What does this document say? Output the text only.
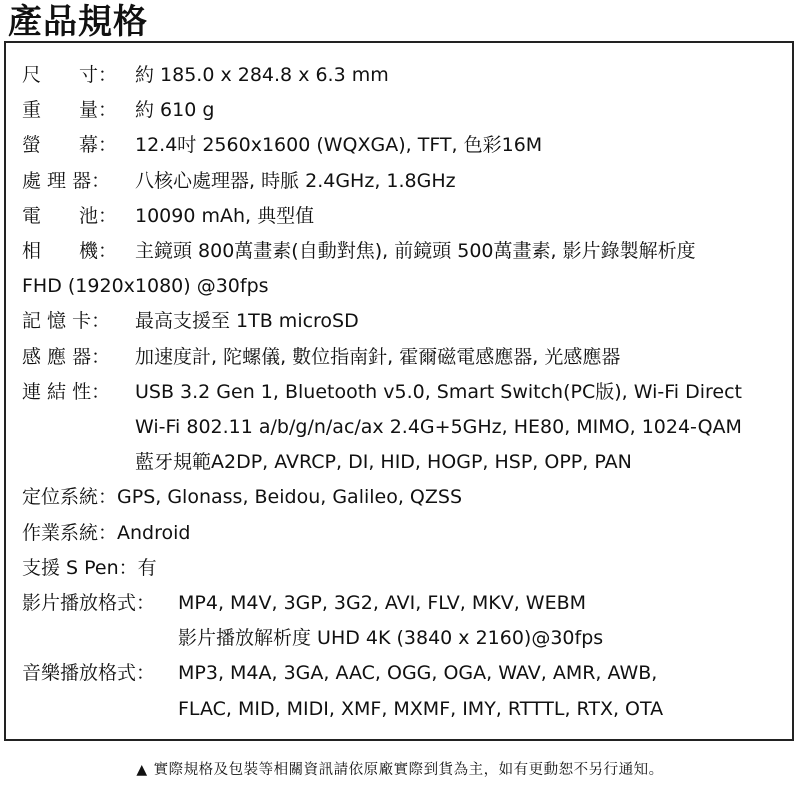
產品規格
尺　　寸： 約 185.0 x 284.8 x 6.3 mm
重　　量： 約 610 g
螢　　幕： 12.4吋 2560x1600 (WQXGA), TFT, 色彩16M
處 理 器：	八核心處理器, 時脈 2.4GHz, 1.8GHz
電　　池： 10090 mAh, 典型值
相　　機： 主鏡頭 800萬畫素(自動對焦), 前鏡頭 500萬畫素, 影片錄製解析度
FHD (1920x1080) @30fps
記 憶 卡：	最高支援至 1TB microSD
感 應 器：	加速度計, 陀螺儀, 數位指南針, 霍爾磁電感應器, 光感應器
連 結 性：	USB 3.2 Gen 1, Bluetooth v5.0, Smart Switch(PC版), Wi-Fi Direct
Wi-Fi 802.11 a/b/g/n/ac/ax 2.4G+5GHz, HE80, MIMO, 1024-QAM
藍牙規範A2DP, AVRCP, DI, HID, HOGP, HSP, OPP, PAN
定位系統： GPS, Glonass, Beidou, Galileo, QZSS
作業系統： Android
支援 S Pen： 有
影片播放格式：	MP4, M4V, 3GP, 3G2, AVI, FLV, MKV, WEBM
影片播放解析度 UHD 4K (3840 x 2160)@30fps
音樂播放格式：	MP3, M4A, 3GA, AAC, OGG, OGA, WAV, AMR, AWB,
FLAC, MID, MIDI, XMF, MXMF, IMY, RTTTL, RTX, OTA
▲ 實際規格及包裝等相關資訊請依原廠實際到貨為主，如有更動恕不另行通知。
